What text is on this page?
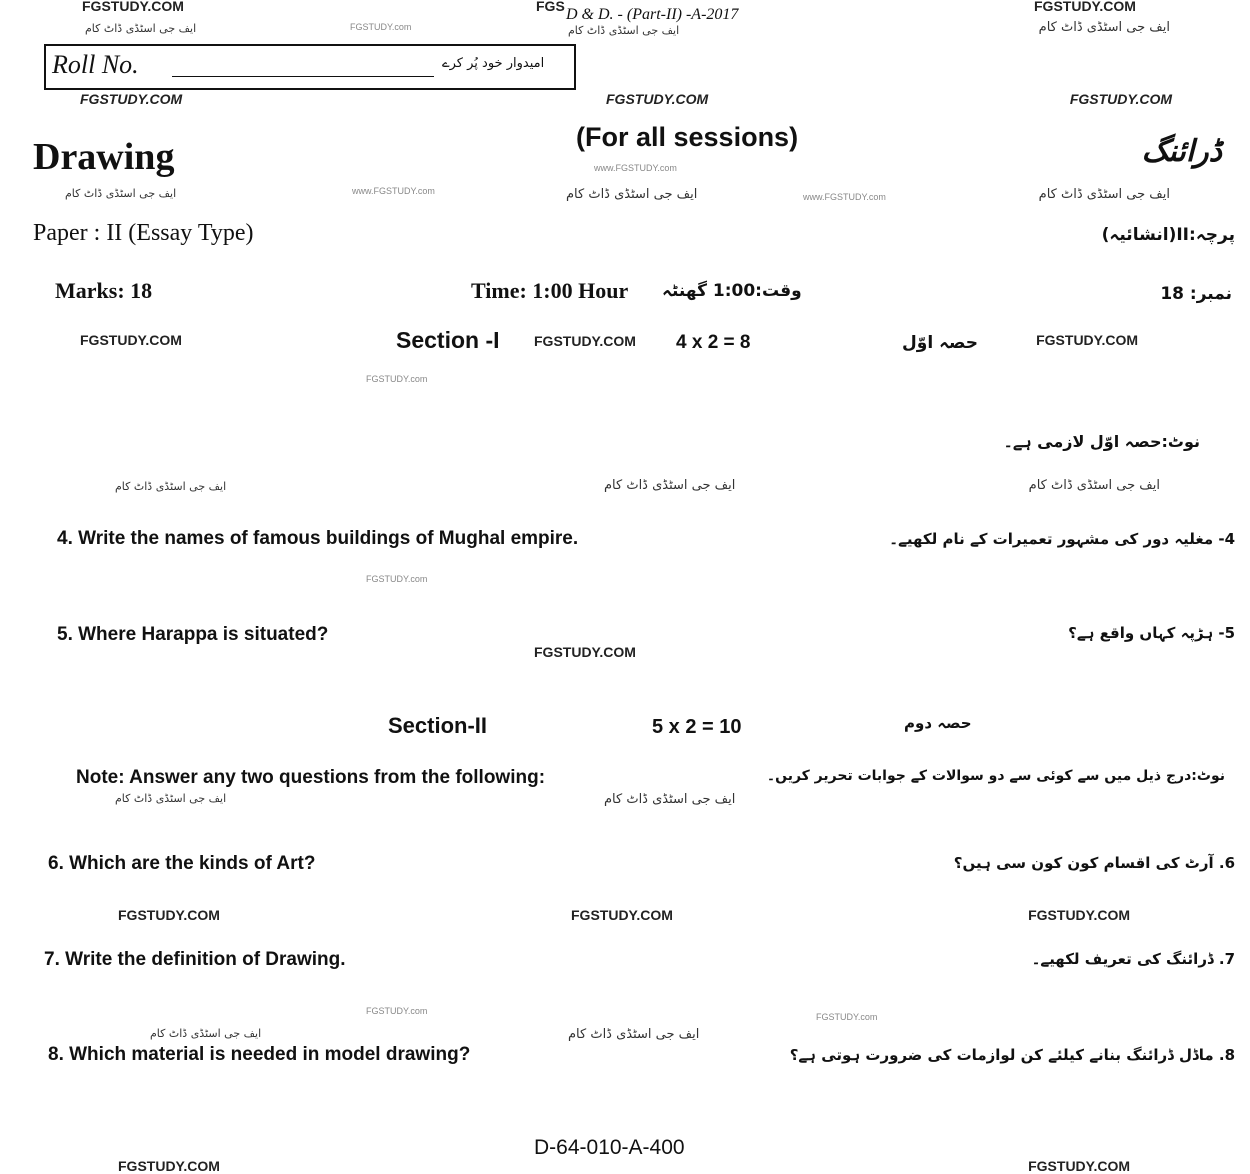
FGSTUDY.COM	FGS	FGSTUDY.COM
D & D. - (Part-II) -A-2017
ایف جی اسٹڈی ڈاٹ کام	FGSTUDY.com	ایف جی اسٹڈی ڈاٹ کام	ایف جی اسٹڈی ڈاٹ کام
Roll No.	امیدوار خود پُر کرے
FGSTUDY.COM	FGSTUDY.COM	FGSTUDY.COM
(For all sessions)
Drawing	ڈرائنگ
www.FGSTUDY.com
ایف جی اسٹڈی ڈاٹ کام	www.FGSTUDY.com	ایف جی اسٹڈی ڈاٹ کام	www.FGSTUDY.com	ایف جی اسٹڈی ڈاٹ کام
Paper : II (Essay Type)	پرچہ:II(انشائیہ)
Marks: 18	Time: 1:00 Hour وقت:1:00 گھنٹہ	نمبر: 18
FGSTUDY.COM	Section -I FGSTUDY.COM 4 x 2 = 8	حصہ اوّل	FGSTUDY.COM
FGSTUDY.com
نوٹ:حصہ اوّل لازمی ہے۔
ایف جی اسٹڈی ڈاٹ کام	ایف جی اسٹڈی ڈاٹ کام	ایف جی اسٹڈی ڈاٹ کام
4. Write the names of famous buildings of Mughal empire.	4- مغلیہ دور کی مشہور تعمیرات کے نام لکھیے۔
FGSTUDY.com
5. Where Harappa is situated?	5- ہڑپہ کہاں واقع ہے؟
FGSTUDY.COM
Section-II	5 x 2 = 10	حصہ دوم
Note: Answer any two questions from the following:	نوٹ:درج ذیل میں سے کوئی سے دو سوالات کے جوابات تحریر کریں۔
ایف جی اسٹڈی ڈاٹ کام	ایف جی اسٹڈی ڈاٹ کام
6. Which are the kinds of Art?	6. آرٹ کی اقسام کون کون سی ہیں؟
FGSTUDY.COM	FGSTUDY.COM	FGSTUDY.COM
7. Write the definition of Drawing.	7. ڈرائنگ کی تعریف لکھیے۔
FGSTUDY.com
FGSTUDY.com
ایف جی اسٹڈی ڈاٹ کام	ایف جی اسٹڈی ڈاٹ کام
8. Which material is needed in model drawing?	8. ماڈل ڈرائنگ بنانے کیلئے کن لوازمات کی ضرورت ہوتی ہے؟
D-64-010-A-400
FGSTUDY.COM	FGSTUDY.COM
